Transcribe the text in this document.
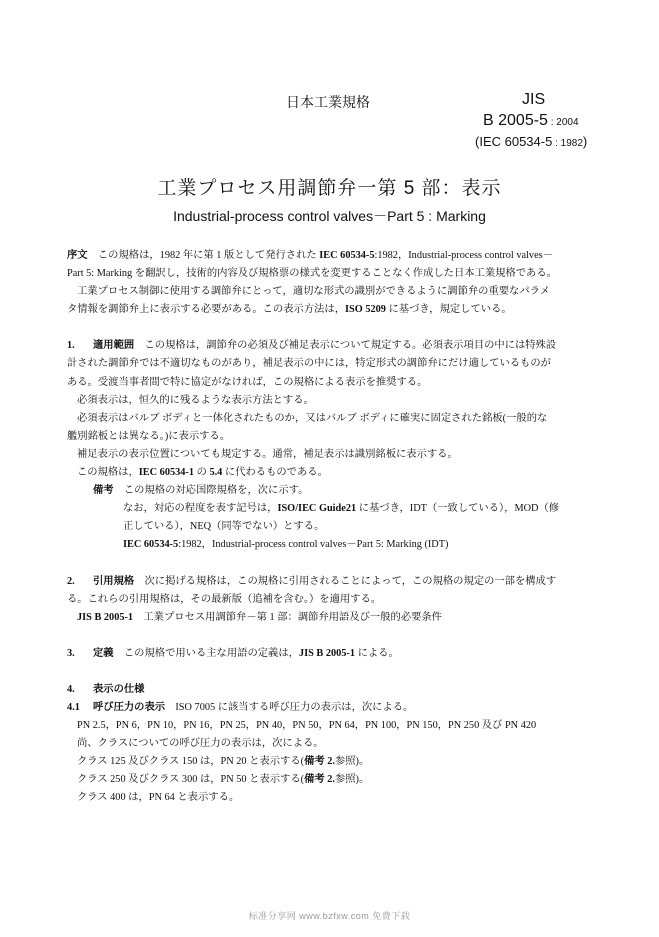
日本工業規格	JIS
B 2005-5 : 2004
(IEC 60534-5 : 1982)
工業プロセス用調節弁一第 5 部：表示
Industrial-process control valves－Part 5 : Marking

序文　 この規格は，1982 年に第 1 版として発行された IEC 60534-5:1982，Industrial-process control valves－

Part 5: Marking を翻訳し，技術的内容及び規格票の様式を変更することなく作成した日本工業規格である。

工業プロセス制御に使用する調節弁にとって，適切な形式の識別ができるように調節弁の重要なパラメ

タ情報を調節弁上に表示する必要がある。この表示方法は，ISO 5209 に基づき，規定している。

1. 適用範囲　この規格は，調節弁の必須及び補足表示について規定する。必須表示項目の中には特殊設

計された調節弁では不適切なものがあり，補足表示の中には，特定形式の調節弁にだけ適しているものが

ある。受渡当事者間で特に協定がなければ，この規格による表示を推奨する。

必須表示は，恒久的に残るような表示方法とする。

必須表示はバルブ ボディと一体化されたものか，又はバルブ ボディに確実に固定された銘板(一般的な

艦別銘板とは異なる。)に表示する。

補足表示の表示位置についても規定する。通常，補足表示は識別銘板に表示する。

この規格は，IEC 60534-1 の 5.4 に代わるものである。

備考　この規格の対応国際規格を，次に示す。

なお，対応の程度を表す記号は，ISO/IEC Guide21 に基づき，IDT（一致している），MOD（修

正している），NEQ（同等でない）とする。

IEC 60534-5:1982，Industrial-process control valves－Part 5: Marking (IDT)

2. 引用規格　次に掲げる規格は，この規格に引用されることによって，この規格の規定の一部を構成す

る。これらの引用規格は，その最新版（追補を含む。）を適用する。

JIS B 2005-1　工業プロセス用調節弁－第 1 部：調節弁用語及び一般的必要条件

3. 定義　この規格で用いる主な用語の定義は，JIS B 2005-1 による。

4. 表示の仕様

4.1 呼び圧力の表示　ISO 7005 に該当する呼び圧力の表示は，次による。

PN 2.5，PN 6，PN 10，PN 16，PN 25，PN 40，PN 50，PN 64，PN 100，PN 150，PN 250 及び PN 420

尚、クラスについての呼び圧力の表示は，次による。

クラス 125 及びクラス 150 は，PN 20 と表示する(備考 2.参照)。

クラス 250 及びクラス 300 は，PN 50 と表示する(備考 2.参照)。

クラス 400 は，PN 64 と表示する。

标准分享网 www.bzfxw.com 免费下载
